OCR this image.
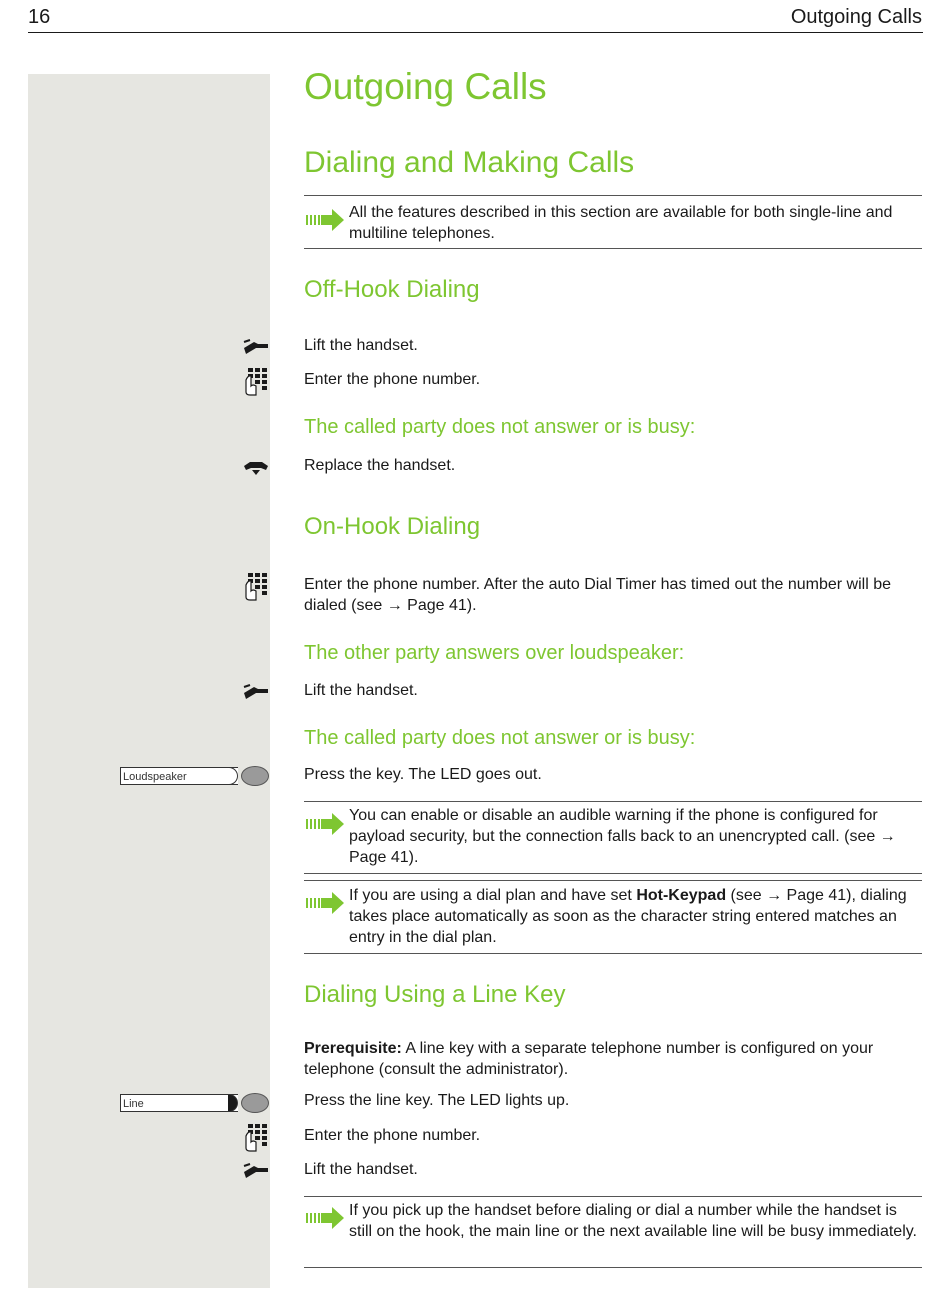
16	Outgoing Calls
Outgoing Calls
Dialing and Making Calls
All the features described in this section are available for both single-line and multiline telephones.
Off-Hook Dialing
Lift the handset.
Enter the phone number.
The called party does not answer or is busy:
Replace the handset.
On-Hook Dialing
Enter the phone number. After the auto Dial Timer has timed out the number will be dialed (see → Page 41).
The other party answers over loudspeaker:
Lift the handset.
The called party does not answer or is busy:
Loudspeaker	Press the key. The LED goes out.
You can enable or disable an audible warning if the phone is configured for payload security, but the connection falls back to an unencrypted call. (see → Page 41).
If you are using a dial plan and have set Hot-Keypad (see → Page 41), dialing takes place automatically as soon as the character string entered matches an entry in the dial plan.
Dialing Using a Line Key
Prerequisite: A line key with a separate telephone number is configured on your telephone (consult the administrator).
Line	Press the line key. The LED lights up.
Enter the phone number.
Lift the handset.
If you pick up the handset before dialing or dial a number while the handset is still on the hook, the main line or the next available line will be busy immediately.
